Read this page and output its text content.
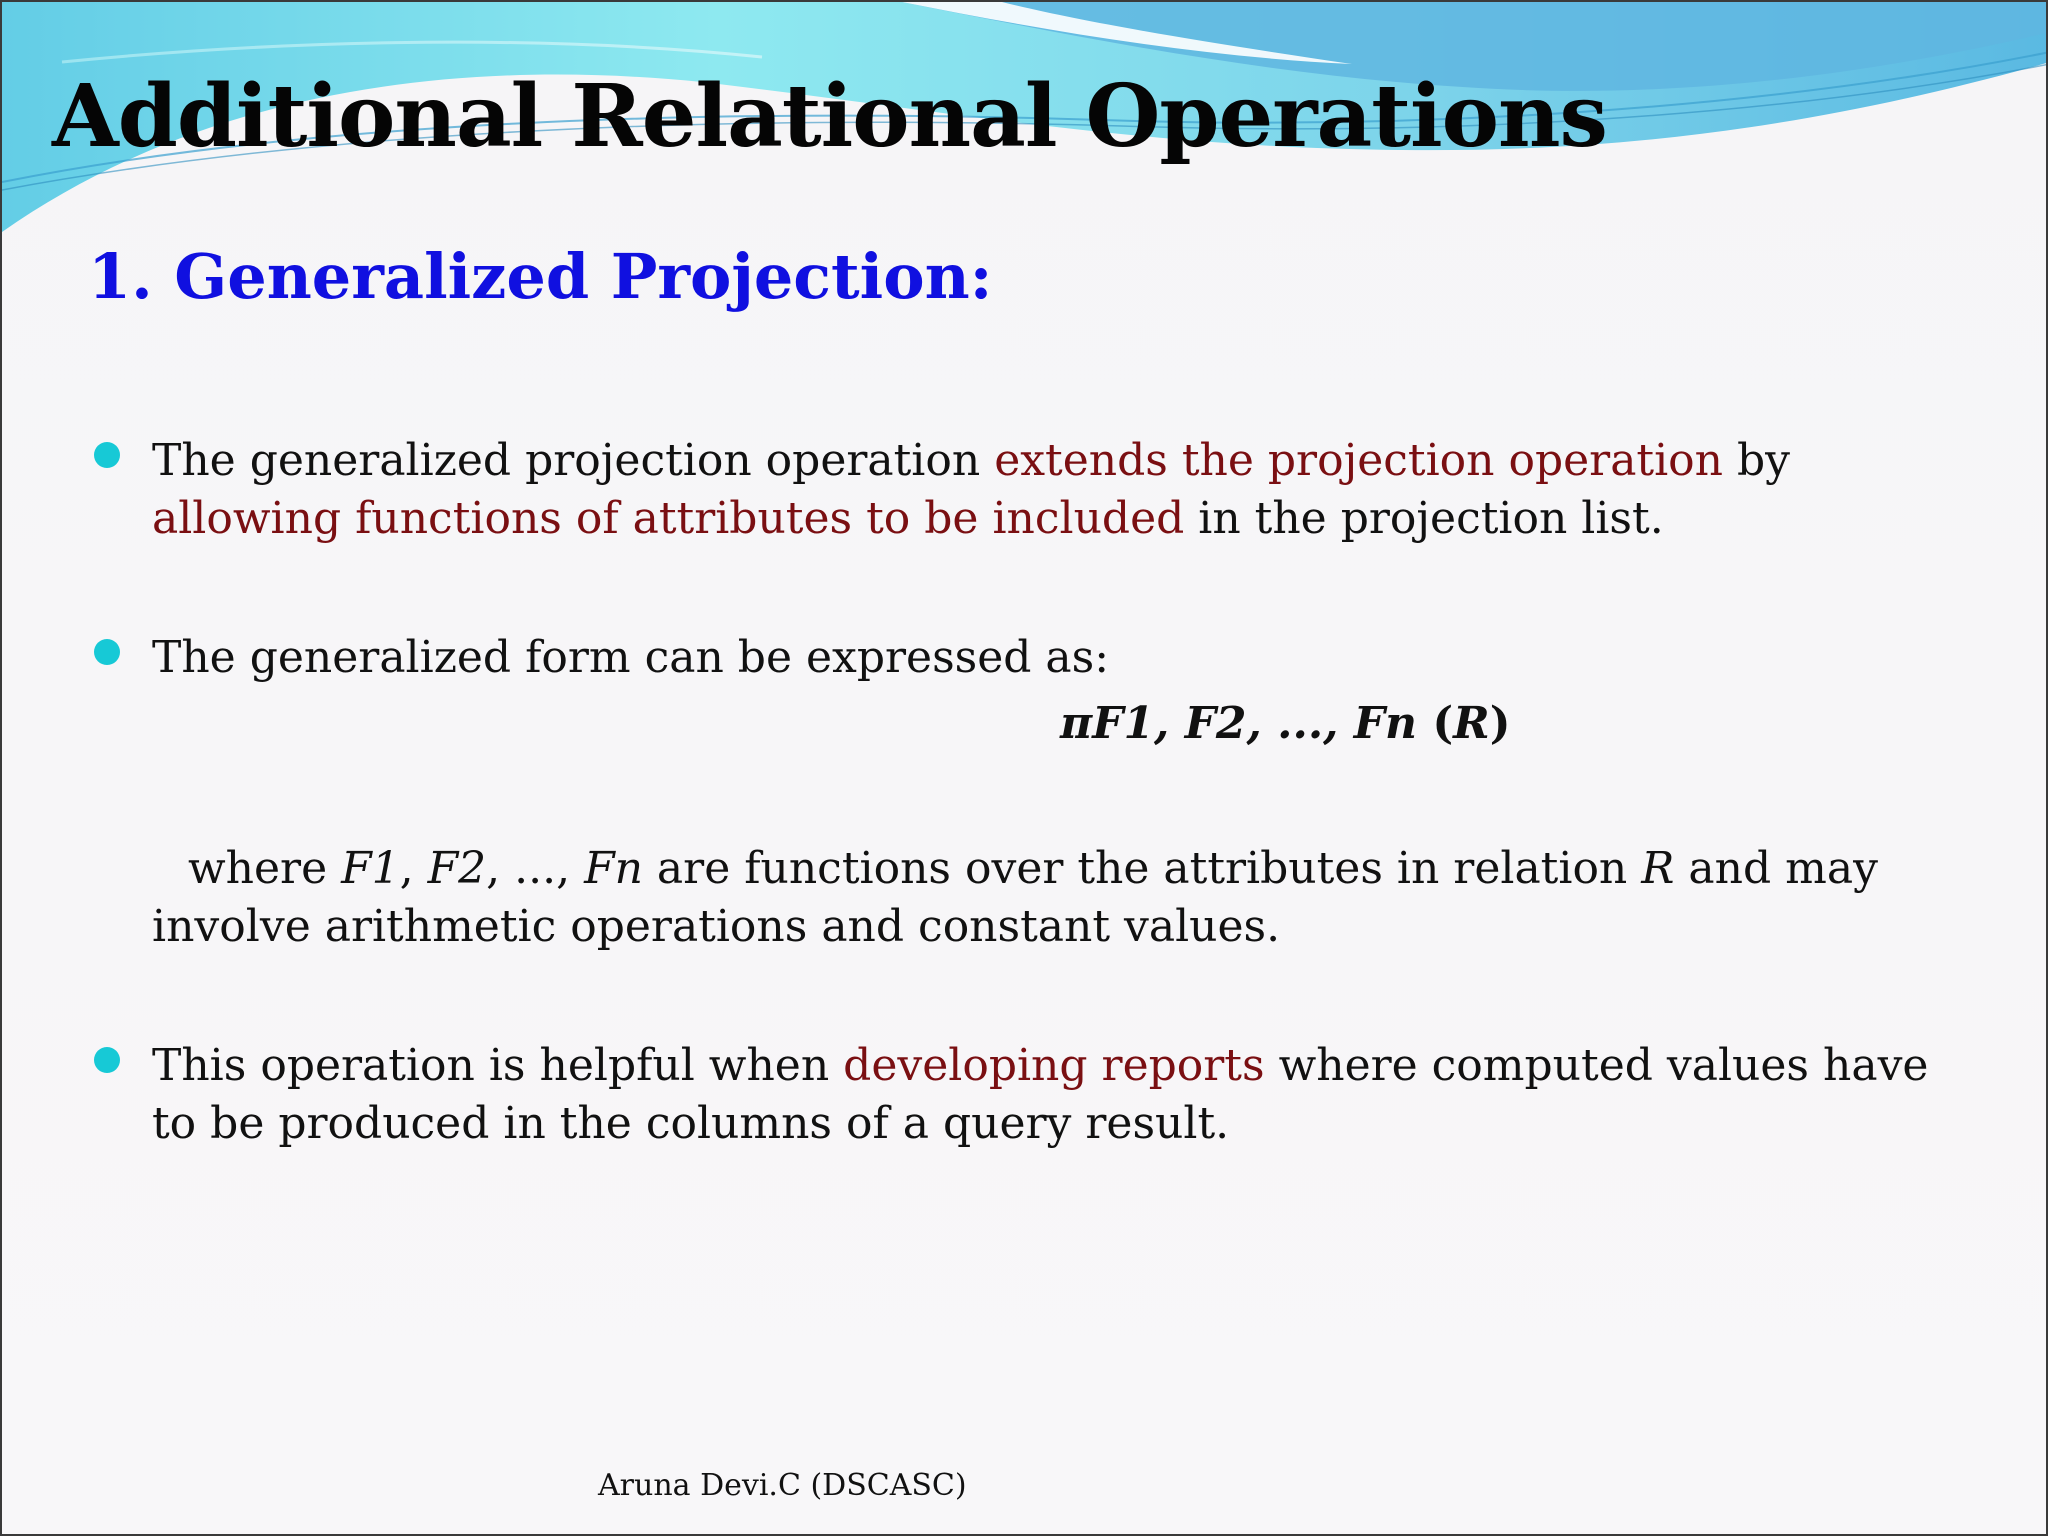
Additional Relational Operations
1. Generalized Projection:
The generalized projection operation extends the projection operation by allowing functions of attributes to be included in the projection list.
The generalized form can be expressed as:
πF1, F2, ..., Fn (R)
where F1, F2, ..., Fn are functions over the attributes in relation R and may involve arithmetic operations and constant values.
This operation is helpful when developing reports where computed values have to be produced in the columns of a query result.
Aruna Devi.C (DSCASC)
